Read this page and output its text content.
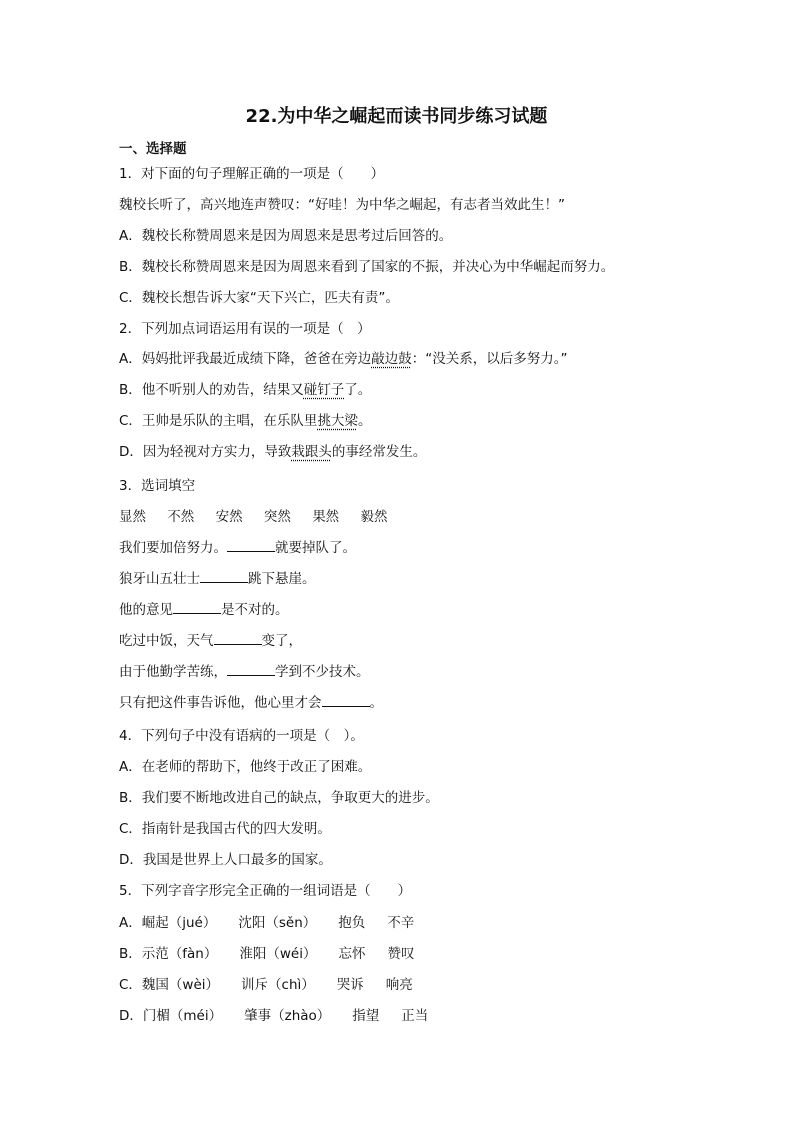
22.为中华之崛起而读书同步练习试题
一、选择题
1．对下面的句子理解正确的一项是（　　）
魏校长听了，高兴地连声赞叹：“好哇！为中华之崛起，有志者当效此生！”
A．魏校长称赞周恩来是因为周恩来是思考过后回答的。
B．魏校长称赞周恩来是因为周恩来看到了国家的不振，并决心为中华崛起而努力。
C．魏校长想告诉大家“天下兴亡，匹夫有责”。
2．下列加点词语运用有误的一项是（　）
A．妈妈批评我最近成绩下降，爸爸在旁边敲边鼓：“没关系，以后多努力。”
B．他不听别人的劝告，结果又碰钉子了。
C．王帅是乐队的主唱，在乐队里挑大梁。
D．因为轻视对方实力，导致栽跟头的事经常发生。
3．选词填空
显然 不然 安然 突然 果然 毅然
我们要加倍努力。	就要掉队了。
狼牙山五壮士	跳下悬崖。
他的意见	是不对的。
吃过中饭，天气	变了，
由于他勤学苦练，	学到不少技术。
只有把这件事告诉他，他心里才会	。
4．下列句子中没有语病的一项是（　）。
A．在老师的帮助下，他终于改正了困难。
B．我们要不断地改进自己的缺点，争取更大的进步。
C．指南针是我国古代的四大发明。
D．我国是世界上人口最多的国家。
5．下列字音字形完全正确的一组词语是（　　）
A．崛起（jué） 沈阳（sěn） 抱负 不辛
B．示范（fàn） 淮阳（wéi） 忘怀 赞叹
C．魏国（wèi） 训斥（chì） 哭诉 响亮
D．门楣（méi） 肇事（zhào） 指望 正当
